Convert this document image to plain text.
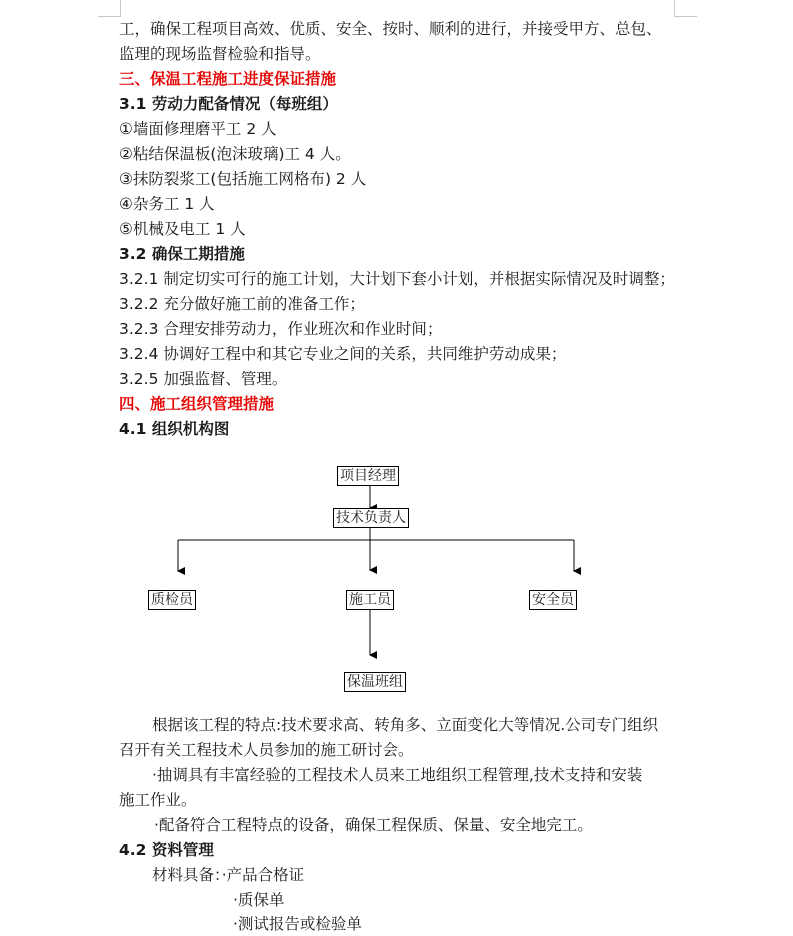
工，确保工程项目高效、优质、安全、按时、顺利的进行，并接受甲方、总包、
监理的现场监督检验和指导。
三、保温工程施工进度保证措施
3.1 劳动力配备情况（每班组）
①墙面修理磨平工 2 人
②粘结保温板(泡沫玻璃)工 4 人。
③抹防裂浆工(包括施工网格布) 2 人
④杂务工 1 人
⑤机械及电工 1 人
3.2 确保工期措施
3.2.1 制定切实可行的施工计划，大计划下套小计划，并根据实际情况及时调整；
3.2.2 充分做好施工前的准备工作；
3.2.3 合理安排劳动力，作业班次和作业时间；
3.2.4 协调好工程中和其它专业之间的关系，共同维护劳动成果；
3.2.5 加强监督、管理。
四、施工组织管理措施
4.1 组织机构图
项目经理
技术负责人
质检员	施工员	安全员
保温班组
根据该工程的特点:技术要求高、转角多、立面变化大等情况.公司专门组织
召开有关工程技术人员参加的施工研讨会。
·抽调具有丰富经验的工程技术人员来工地组织工程管理,技术支持和安装
施工作业。
·配备符合工程特点的设备，确保工程保质、保量、安全地完工。
4.2 资料管理
材料具备：·产品合格证
·质保单
·测试报告或检验单
